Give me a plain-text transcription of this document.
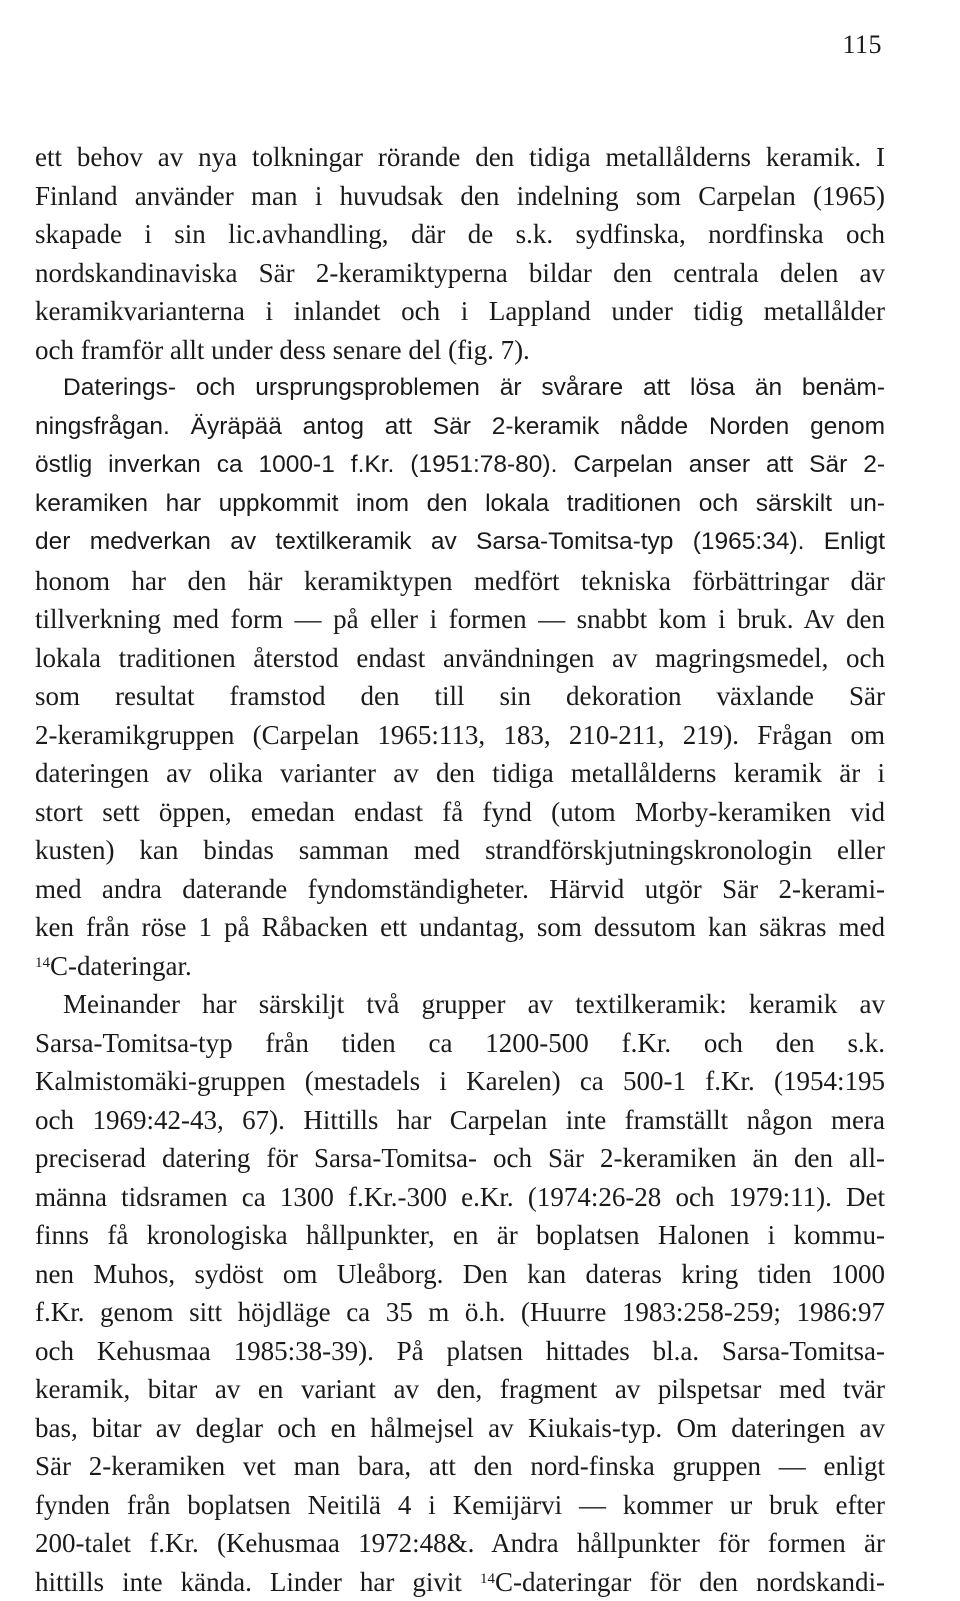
115
ett behov av nya tolkningar rörande den tidiga metallålderns keramik. I
Finland använder man i huvudsak den indelning som Carpelan (1965)
skapade i sin lic.avhandling, där de s.k. sydfinska, nordfinska och
nordskandinaviska Sär 2-keramiktyperna bildar den centrala delen av
keramikvarianterna i inlandet och i Lappland under tidig metallålder
och framför allt under dess senare del (fig. 7).
Daterings- och ursprungsproblemen är svårare att lösa än benäm-
ningsfrågan. Äyräpää antog att Sär 2-keramik nådde Norden genom
östlig inverkan ca 1000-1 f.Kr. (1951:78-80). Carpelan anser att Sär 2-
keramiken har uppkommit inom den lokala traditionen och särskilt un-
der medverkan av textilkeramik av Sarsa-Tomitsa-typ (1965:34). Enligt
honom har den här keramiktypen medfört tekniska förbättringar där
tillverkning med form — på eller i formen — snabbt kom i bruk. Av den
lokala traditionen återstod endast användningen av magringsmedel, och
som resultat framstod den till sin dekoration växlande Sär
2-keramikgruppen (Carpelan 1965:113, 183, 210-211, 219). Frågan om
dateringen av olika varianter av den tidiga metallålderns keramik är i
stort sett öppen, emedan endast få fynd (utom Morby-keramiken vid
kusten) kan bindas samman med strandförskjutningskronologin eller
med andra daterande fyndomständigheter. Härvid utgör Sär 2-kerami-
ken från röse 1 på Råbacken ett undantag, som dessutom kan säkras med
$^{14}$C-dateringar.
Meinander har särskiljt två grupper av textilkeramik: keramik av
Sarsa-Tomitsa-typ från tiden ca 1200-500 f.Kr. och den s.k.
Kalmistomäki-gruppen (mestadels i Karelen) ca 500-1 f.Kr. (1954:195
och 1969:42-43, 67). Hittills har Carpelan inte framställt någon mera
preciserad datering för Sarsa-Tomitsa- och Sär 2-keramiken än den all-
männa tidsramen ca 1300 f.Kr.-300 e.Kr. (1974:26-28 och 1979:11). Det
finns få kronologiska hållpunkter, en är boplatsen Halonen i kommu-
nen Muhos, sydöst om Uleåborg. Den kan dateras kring tiden 1000
f.Kr. genom sitt höjdläge ca 35 m ö.h. (Huurre 1983:258-259; 1986:97
och Kehusmaa 1985:38-39). På platsen hittades bl.a. Sarsa-Tomitsa-
keramik, bitar av en variant av den, fragment av pilspetsar med tvär
bas, bitar av deglar och en hålmejsel av Kiukais-typ. Om dateringen av
Sär 2-keramiken vet man bara, att den nord-finska gruppen — enligt
fynden från boplatsen Neitilä 4 i Kemijärvi — kommer ur bruk efter
200-talet f.Kr. (Kehusmaa 1972:48&. Andra hållpunkter för formen är
hittills inte kända. Linder har givit $^{14}$C-dateringar för den nordskandi-
